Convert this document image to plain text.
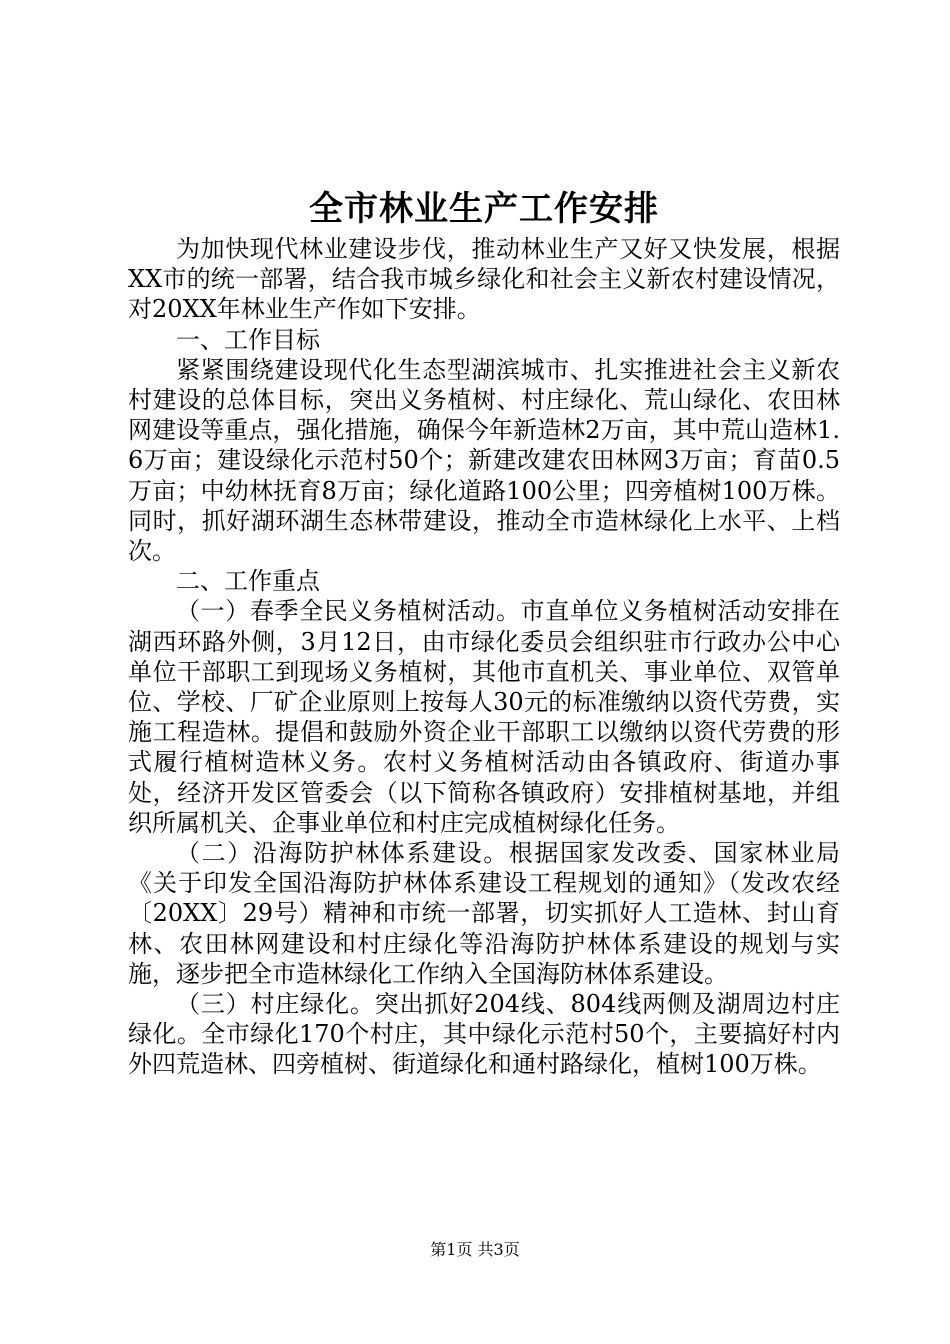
全市林业生产工作安排

为加快现代林业建设步伐，推动林业生产又好又快发展，根据XX市的统一部署，结合我市城乡绿化和社会主义新农村建设情况，对20XX年林业生产作如下安排。

一、工作目标

紧紧围绕建设现代化生态型湖滨城市、扎实推进社会主义新农村建设的总体目标，突出义务植树、村庄绿化、荒山绿化、农田林网建设等重点，强化措施，确保今年新造林2万亩，其中荒山造林1.6万亩；建设绿化示范村50个；新建改建农田林网3万亩；育苗0.5万亩；中幼林抚育8万亩；绿化道路100公里；四旁植树100万株。同时，抓好湖环湖生态林带建设，推动全市造林绿化上水平、上档次。

二、工作重点

（一）春季全民义务植树活动。市直单位义务植树活动安排在湖西环路外侧，3月12日，由市绿化委员会组织驻市行政办公中心单位干部职工到现场义务植树，其他市直机关、事业单位、双管单位、学校、厂矿企业原则上按每人30元的标准缴纳以资代劳费，实施工程造林。提倡和鼓励外资企业干部职工以缴纳以资代劳费的形式履行植树造林义务。农村义务植树活动由各镇政府、街道办事处，经济开发区管委会（以下简称各镇政府）安排植树基地，并组织所属机关、企事业单位和村庄完成植树绿化任务。

（二）沿海防护林体系建设。根据国家发改委、国家林业局《关于印发全国沿海防护林体系建设工程规划的通知》（发改农经〔20XX〕29号）精神和市统一部署，切实抓好人工造林、封山育林、农田林网建设和村庄绿化等沿海防护林体系建设的规划与实施，逐步把全市造林绿化工作纳入全国海防林体系建设。

（三）村庄绿化。突出抓好204线、804线两侧及湖周边村庄绿化。全市绿化170个村庄，其中绿化示范村50个，主要搞好村内外四荒造林、四旁植树、街道绿化和通村路绿化，植树100万株。

第1页 共3页
